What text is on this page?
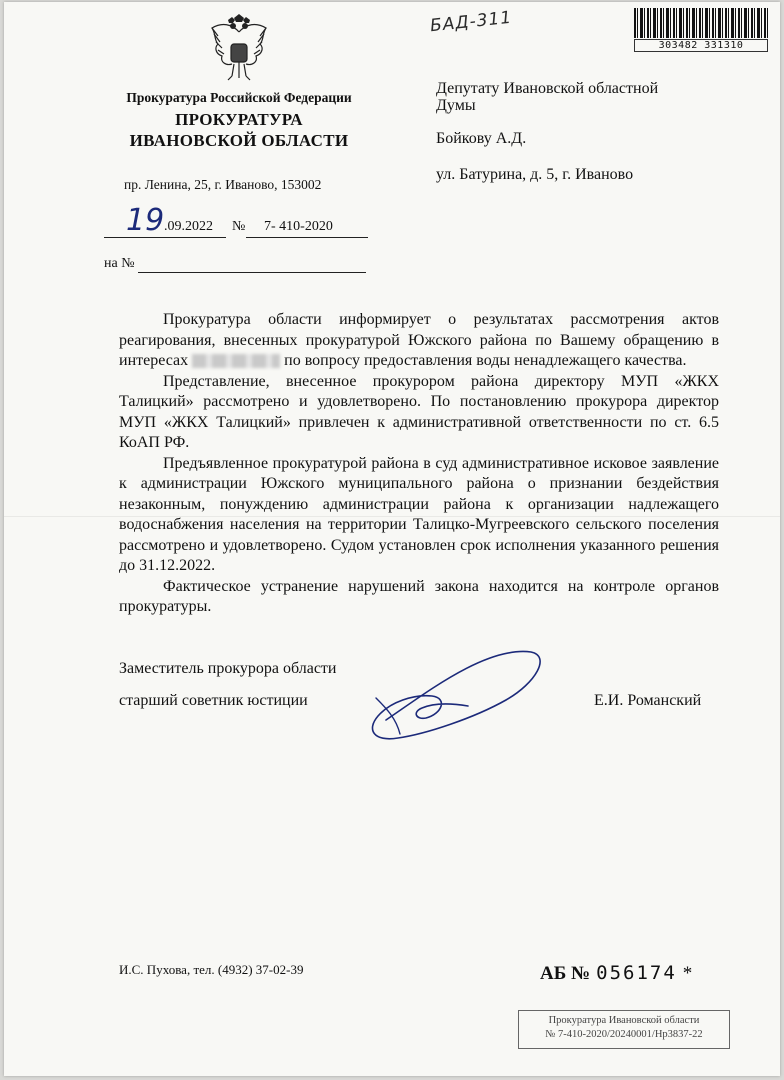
БАД-311
303482 331310
Прокуратура Российской Федерации
ПРОКУРАТУРА
ИВАНОВСКОЙ ОБЛАСТИ
пр. Ленина, 25, г. Иваново, 153002
19 .09.2022 № 7- 410-2020
на №
Депутату Ивановской областной
Думы
Бойкову А.Д.
ул. Батурина, д. 5, г. Иваново

Прокуратура области информирует о результатах рассмотрения актов реагирования, внесенных прокуратурой Южского района по Вашему обращению в интересах	по вопросу предоставления воды ненадлежащего качества.

Представление, внесенное прокурором района директору МУП «ЖКХ Талицкий» рассмотрено и удовлетворено. По постановлению прокурора директор МУП «ЖКХ Талицкий» привлечен к административной ответственности по ст. 6.5 КоАП РФ.

Предъявленное прокуратурой района в суд административное исковое заявление к администрации Южского муниципального района о признании бездействия незаконным, понуждению администрации района к организации надлежащего водоснабжения населения на территории Талицко-Мугреевского сельского поселения рассмотрено и удовлетворено. Судом установлен срок исполнения указанного решения до 31.12.2022.

Фактическое устранение нарушений закона находится на контроле органов прокуратуры.

Заместитель прокурора области
старший советник юстиции	Е.И. Романский
И.С. Пухова, тел. (4932) 37-02-39	АБ № 056174 *
Прокуратура Ивановской области
№ 7-410-2020/20240001/Нр3837-22
